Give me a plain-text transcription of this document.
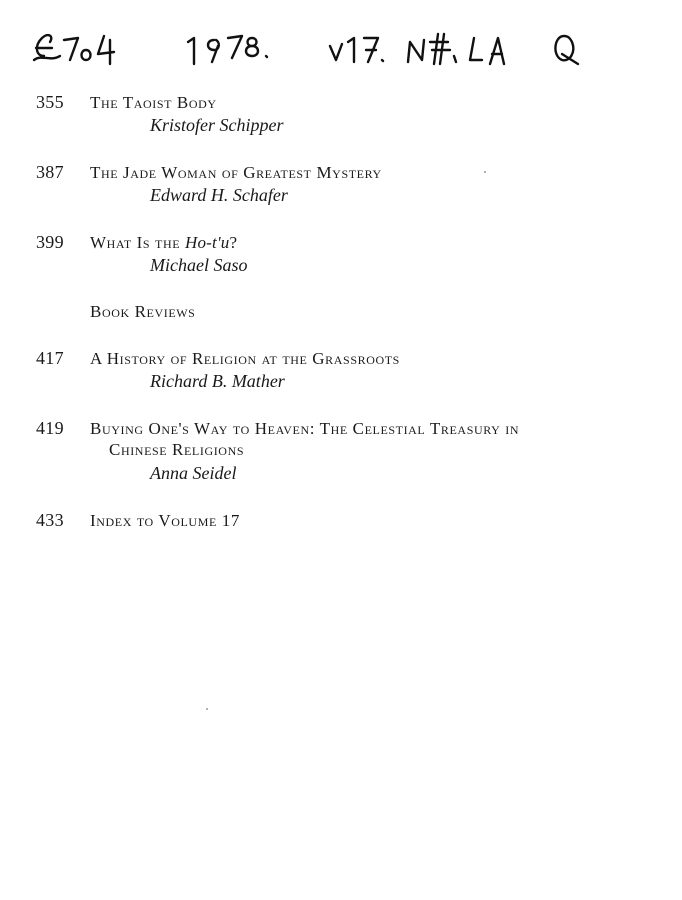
355	The Taoist Body
Kristofer Schipper
387	The Jade Woman of Greatest Mystery
Edward H. Schafer
399	What Is the Ho-t'u?
Michael Saso
Book Reviews
417	A History of Religion at the Grassroots
Richard B. Mather
419	Buying One's Way to Heaven: The Celestial Treasury in
Chinese Religions
Anna Seidel
433	Index to Volume 17
